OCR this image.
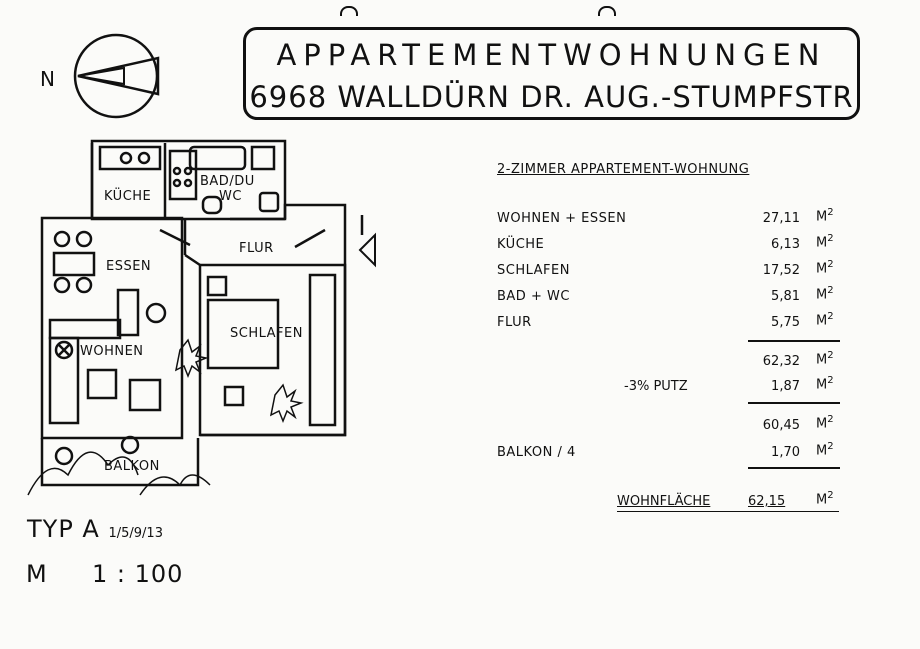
APPARTEMENTWOHNUNGEN
6968 WALLDÜRN DR. AUG.-STUMPFSTR
N
KÜCHE
BAD/DU
WC
FLUR
ESSEN
WOHNEN
SCHLAFEN
BALKON
2-ZIMMER APPARTEMENT-WOHNUNG
WOHNEN + ESSEN	27,11 $M^2$
KÜCHE	6,13 $M^2$
SCHLAFEN	17,52 $M^2$
BAD + WC	5,81 $M^2$
FLUR	5,75 $M^2$
62,32 $M^2$
-3% PUTZ	1,87 $M^2$
60,45 $M^2$
BALKON / 4	1,70 $M^2$
WOHNFLÄCHE	62,15 $M^2$
TYP A 1/5/9/13
M 1 : 100
